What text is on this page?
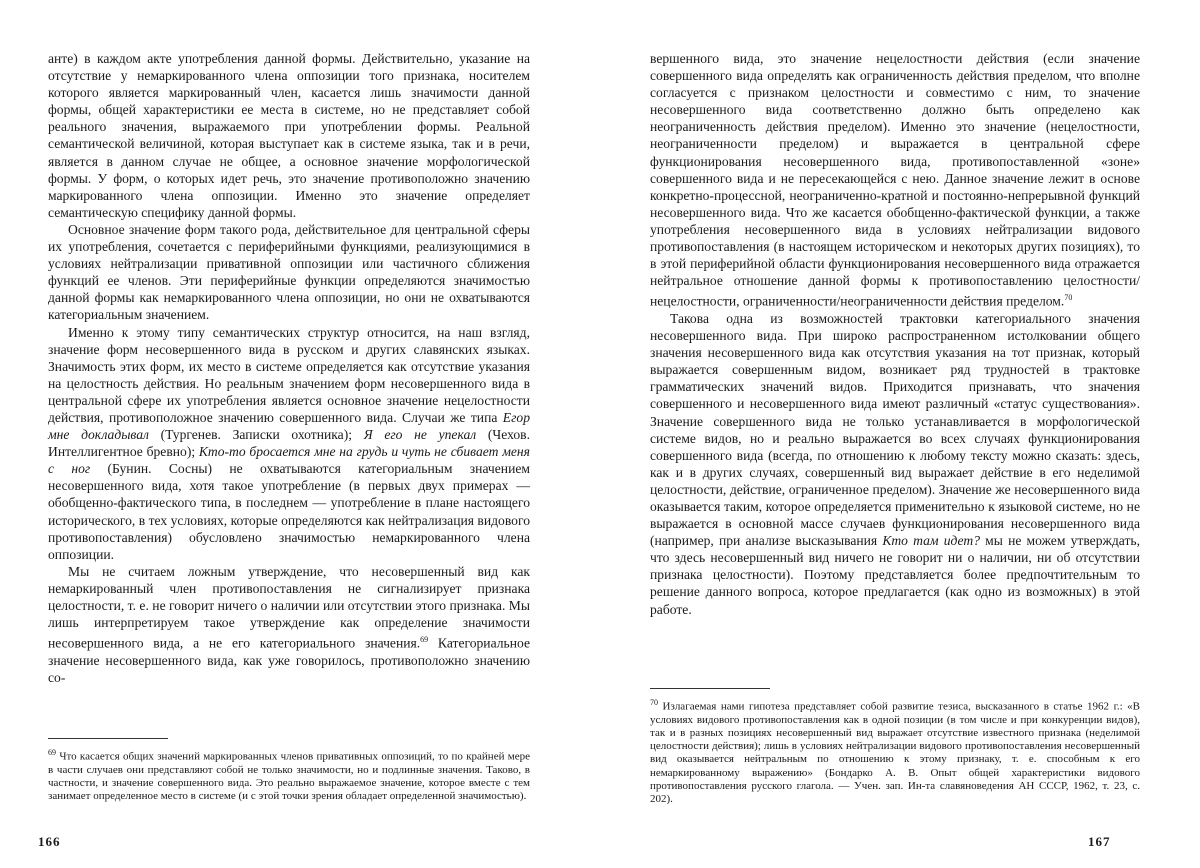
анте) в каждом акте употребления данной формы. Действительно, указание на отсутствие у немаркированного члена оппозиции того признака, носителем которого является маркированный член, касается лишь значимости данной формы, общей характеристики ее места в системе, но не представляет собой реального значения, выражаемого при употреблении формы. Реальной семантической величиной, которая выступает как в системе языка, так и в речи, является в данном случае не общее, а основное значение морфологической формы. У форм, о которых идет речь, это значение противоположно значению маркированного члена оппозиции. Именно это значение определяет семантическую специфику данной формы.

Основное значение форм такого рода, действительное для центральной сферы их употребления, сочетается с периферийными функциями, реализующимися в условиях нейтрализации привативной оппозиции или частичного сближения функций ее членов. Эти периферийные функции определяются значимостью данной формы как немаркированного члена оппозиции, но они не охватываются категориальным значением.

Именно к этому типу семантических структур относится, на наш взгляд, значение форм несовершенного вида в русском и других славянских языках. Значимость этих форм, их место в системе определяется как отсутствие указания на целостность действия. Но реальным значением форм несовершенного вида в центральной сфере их употребления является основное значение нецелостности действия, противоположное значению совершенного вида. Случаи же типа Егор мне докладывал (Тургенев. Записки охотника); Я его не упекал (Чехов. Интеллигентное бревно); Кто-то бросается мне на грудь и чуть не сбивает меня с ног (Бунин. Сосны) не охватываются категориальным значением несовершенного вида, хотя такое употребление (в первых двух примерах — обобщенно-фактического типа, в последнем — употребление в плане настоящего исторического, в тех условиях, которые определяются как нейтрализация видового противопоставления) обусловлено значимостью немаркированного члена оппозиции.

Мы не считаем ложным утверждение, что несовершенный вид как немаркированный член противопоставления не сигнализирует признака целостности, т. е. не говорит ничего о наличии или отсутствии этого признака. Мы лишь интерпретируем такое утверждение как определение значимости несовершенного вида, а не его категориального значения.$^{69}$ Категориальное значение несовершенного вида, как уже говорилось, противоположно значению со-

$^{69}$ Что касается общих значений маркированных членов привативных оппозиций, то по крайней мере в части случаев они представляют собой не только значимости, но и подлинные значения. Таково, в частности, и значение совершенного вида. Это реально выражаемое значение, которое вместе с тем занимает определенное место в системе (и с этой точки зрения обладает определенной значимостью).
166

вершенного вида, это значение нецелостности действия (если значение совершенного вида определять как ограниченность действия пределом, что вполне согласуется с признаком целостности и совместимо с ним, то значение несовершенного вида соответственно должно быть определено как неограниченность действия пределом). Именно это значение (нецелостности, неограниченности пределом) и выражается в центральной сфере функционирования несовершенного вида, противопоставленной «зоне» совершенного вида и не пересекающейся с нею. Данное значение лежит в основе конкретно-процессной, неограниченно-кратной и постоянно-непрерывной функций несовершенного вида. Что же касается обобщенно-фактической функции, а также употребления несовершенного вида в условиях нейтрализации видового противопоставления (в настоящем историческом и некоторых других позициях), то в этой периферийной области функционирования несовершенного вида отражается нейтральное отношение данной формы к противопоставлению целостности/нецелостности, ограниченности/неограниченности действия пределом.$^{70}$

Такова одна из возможностей трактовки категориального значения несовершенного вида. При широко распространенном истолковании общего значения несовершенного вида как отсутствия указания на тот признак, который выражается совершенным видом, возникает ряд трудностей в трактовке грамматических значений видов. Приходится признавать, что значения совершенного и несовершенного вида имеют различный «статус существования». Значение совершенного вида не только устанавливается в морфологической системе видов, но и реально выражается во всех случаях функционирования совершенного вида (всегда, по отношению к любому тексту можно сказать: здесь, как и в других случаях, совершенный вид выражает действие в его неделимой целостности, действие, ограниченное пределом). Значение же несовершенного вида оказывается таким, которое определяется применительно к языковой системе, но не выражается в основной массе случаев функционирования несовершенного вида (например, при анализе высказывания Кто там идет? мы не можем утверждать, что здесь несовершенный вид ничего не говорит ни о наличии, ни об отсутствии признака целостности). Поэтому представляется более предпочтительным то решение данного вопроса, которое предлагается (как одно из возможных) в этой работе.

$^{70}$ Излагаемая нами гипотеза представляет собой развитие тезиса, высказанного в статье 1962 г.: «В условиях видового противопоставления как в одной позиции (в том числе и при конкуренции видов), так и в разных позициях несовершенный вид выражает отсутствие известного признака (неделимой целостности действия); лишь в условиях нейтрализации видового противопоставления несовершенный вид оказывается нейтральным по отношению к этому признаку, т. е. способным к его немаркированному выражению» (Бондарко А. В. Опыт общей характеристики видового противопоставления русского глагола. — Учен. зап. Ин-та славяноведения АН СССР, 1962, т. 23, с. 202).
167
